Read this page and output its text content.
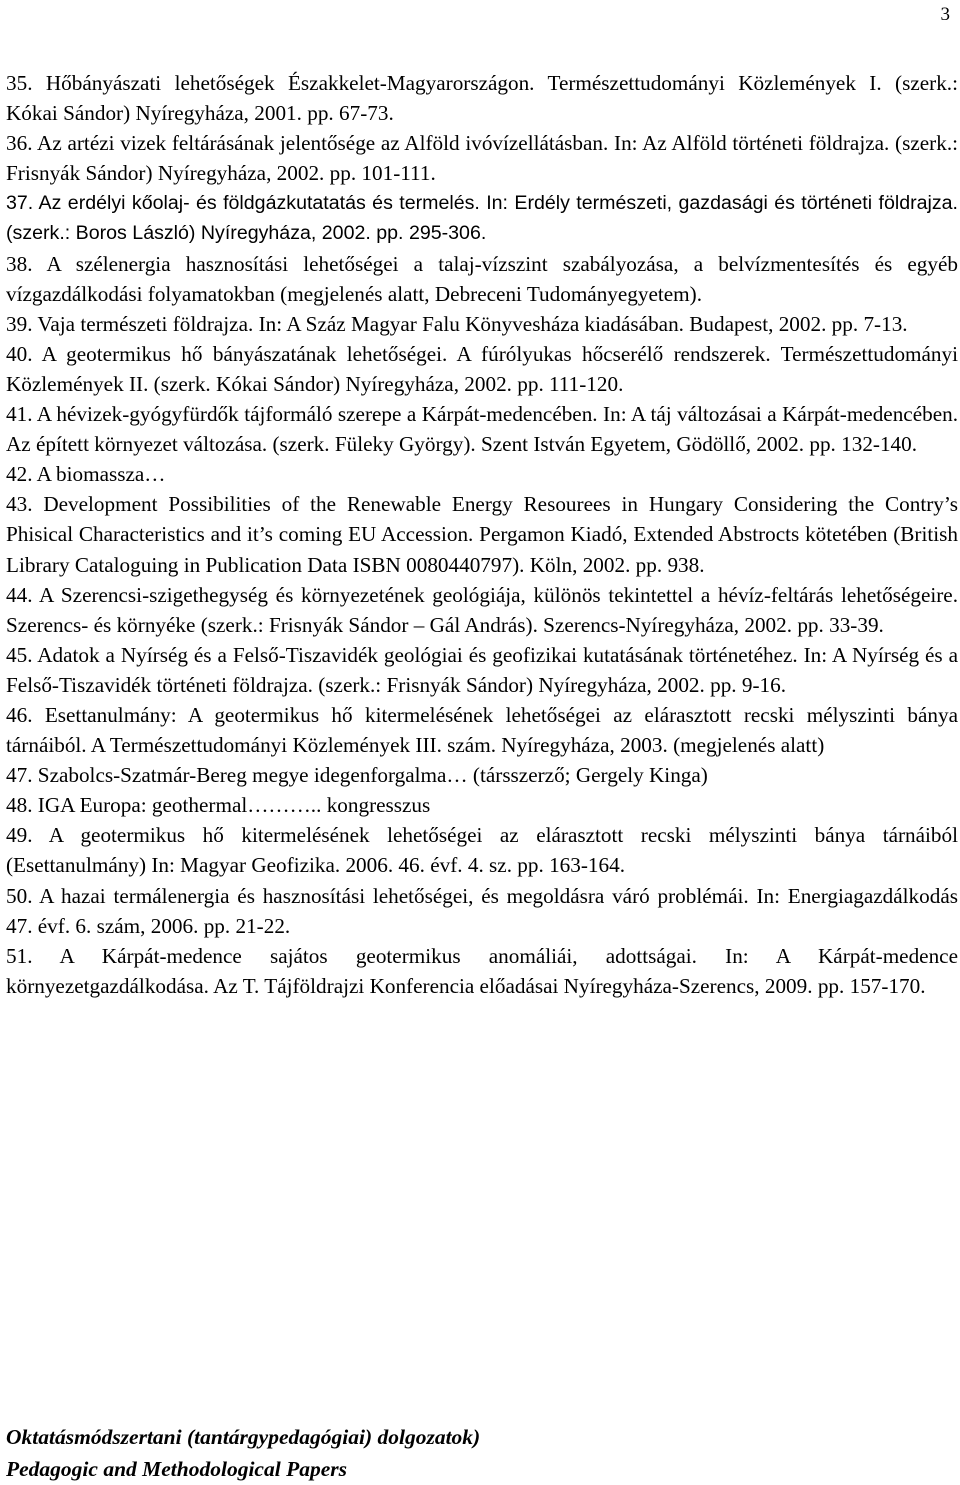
3

35. Hőbányászati lehetőségek Északkelet-Magyarországon. Természettudományi Közlemények I. (szerk.: Kókai Sándor) Nyíregyháza, 2001. pp. 67-73.

36. Az artézi vizek feltárásának jelentősége az Alföld ivóvízellátásban. In: Az Alföld történeti földrajza. (szerk.: Frisnyák Sándor) Nyíregyháza, 2002. pp. 101-111.

37. Az erdélyi kőolaj- és földgázkutatatás és termelés. In: Erdély természeti, gazdasági és történeti földrajza. (szerk.: Boros László) Nyíregyháza, 2002. pp. 295-306.

38. A szélenergia hasznosítási lehetőségei a talaj-vízszint szabályozása, a belvízmentesítés és egyéb vízgazdálkodási folyamatokban (megjelenés alatt, Debreceni Tudományegyetem).

39. Vaja természeti földrajza. In: A Száz Magyar Falu Könyvesháza kiadásában. Budapest, 2002. pp. 7-13.

40. A geotermikus hő bányászatának lehetőségei. A fúrólyukas hőcserélő rendszerek. Természettudományi Közlemények II. (szerk. Kókai Sándor) Nyíregyháza, 2002. pp. 111-120.

41. A hévizek-gyógyfürdők tájformáló szerepe a Kárpát-medencében. In: A táj változásai a Kárpát-medencében. Az épített környezet változása. (szerk. Füleky György). Szent István Egyetem, Gödöllő, 2002. pp. 132-140.

42. A biomassza…

43. Development Possibilities of the Renewable Energy Resourees in Hungary Considering the Contry’s Phisical Characteristics and it’s coming EU Accession. Pergamon Kiadó, Extended Abstrocts kötetében (British Library Cataloguing in Publication Data ISBN 0080440797). Köln, 2002. pp. 938.

44. A Szerencsi-szigethegység és környezetének geológiája, különös tekintettel a hévíz-feltárás lehetőségeire. Szerencs- és környéke (szerk.: Frisnyák Sándor – Gál András). Szerencs-Nyíregyháza, 2002. pp. 33-39.

45. Adatok a Nyírség és a Felső-Tiszavidék geológiai és geofizikai kutatásának történetéhez. In: A Nyírség és a Felső-Tiszavidék történeti földrajza. (szerk.: Frisnyák Sándor) Nyíregyháza, 2002. pp. 9-16.

46. Esettanulmány: A geotermikus hő kitermelésének lehetőségei az elárasztott recski mélyszinti bánya tárnáiból. A Természettudományi Közlemények III. szám. Nyíregyháza, 2003. (megjelenés alatt)

47. Szabolcs-Szatmár-Bereg megye idegenforgalma… (társszerző; Gergely Kinga)

48. IGA Europa: geothermal……….. kongresszus

49. A geotermikus hő kitermelésének lehetőségei az elárasztott recski mélyszinti bánya tárnáiból (Esettanulmány) In: Magyar Geofizika. 2006. 46. évf. 4. sz. pp. 163-164.

50. A hazai termálenergia és hasznosítási lehetőségei, és megoldásra váró problémái. In: Energiagazdálkodás 47. évf. 6. szám, 2006. pp. 21-22.

51. A Kárpát-medence sajátos geotermikus anomáliái, adottságai. In: A Kárpát-medence környezetgazdálkodása. Az T. Tájföldrajzi Konferencia előadásai Nyíregyháza-Szerencs, 2009. pp. 157-170.

Oktatásmódszertani (tantárgypedagógiai) dolgozatok)
Pedagogic and Methodological Papers
